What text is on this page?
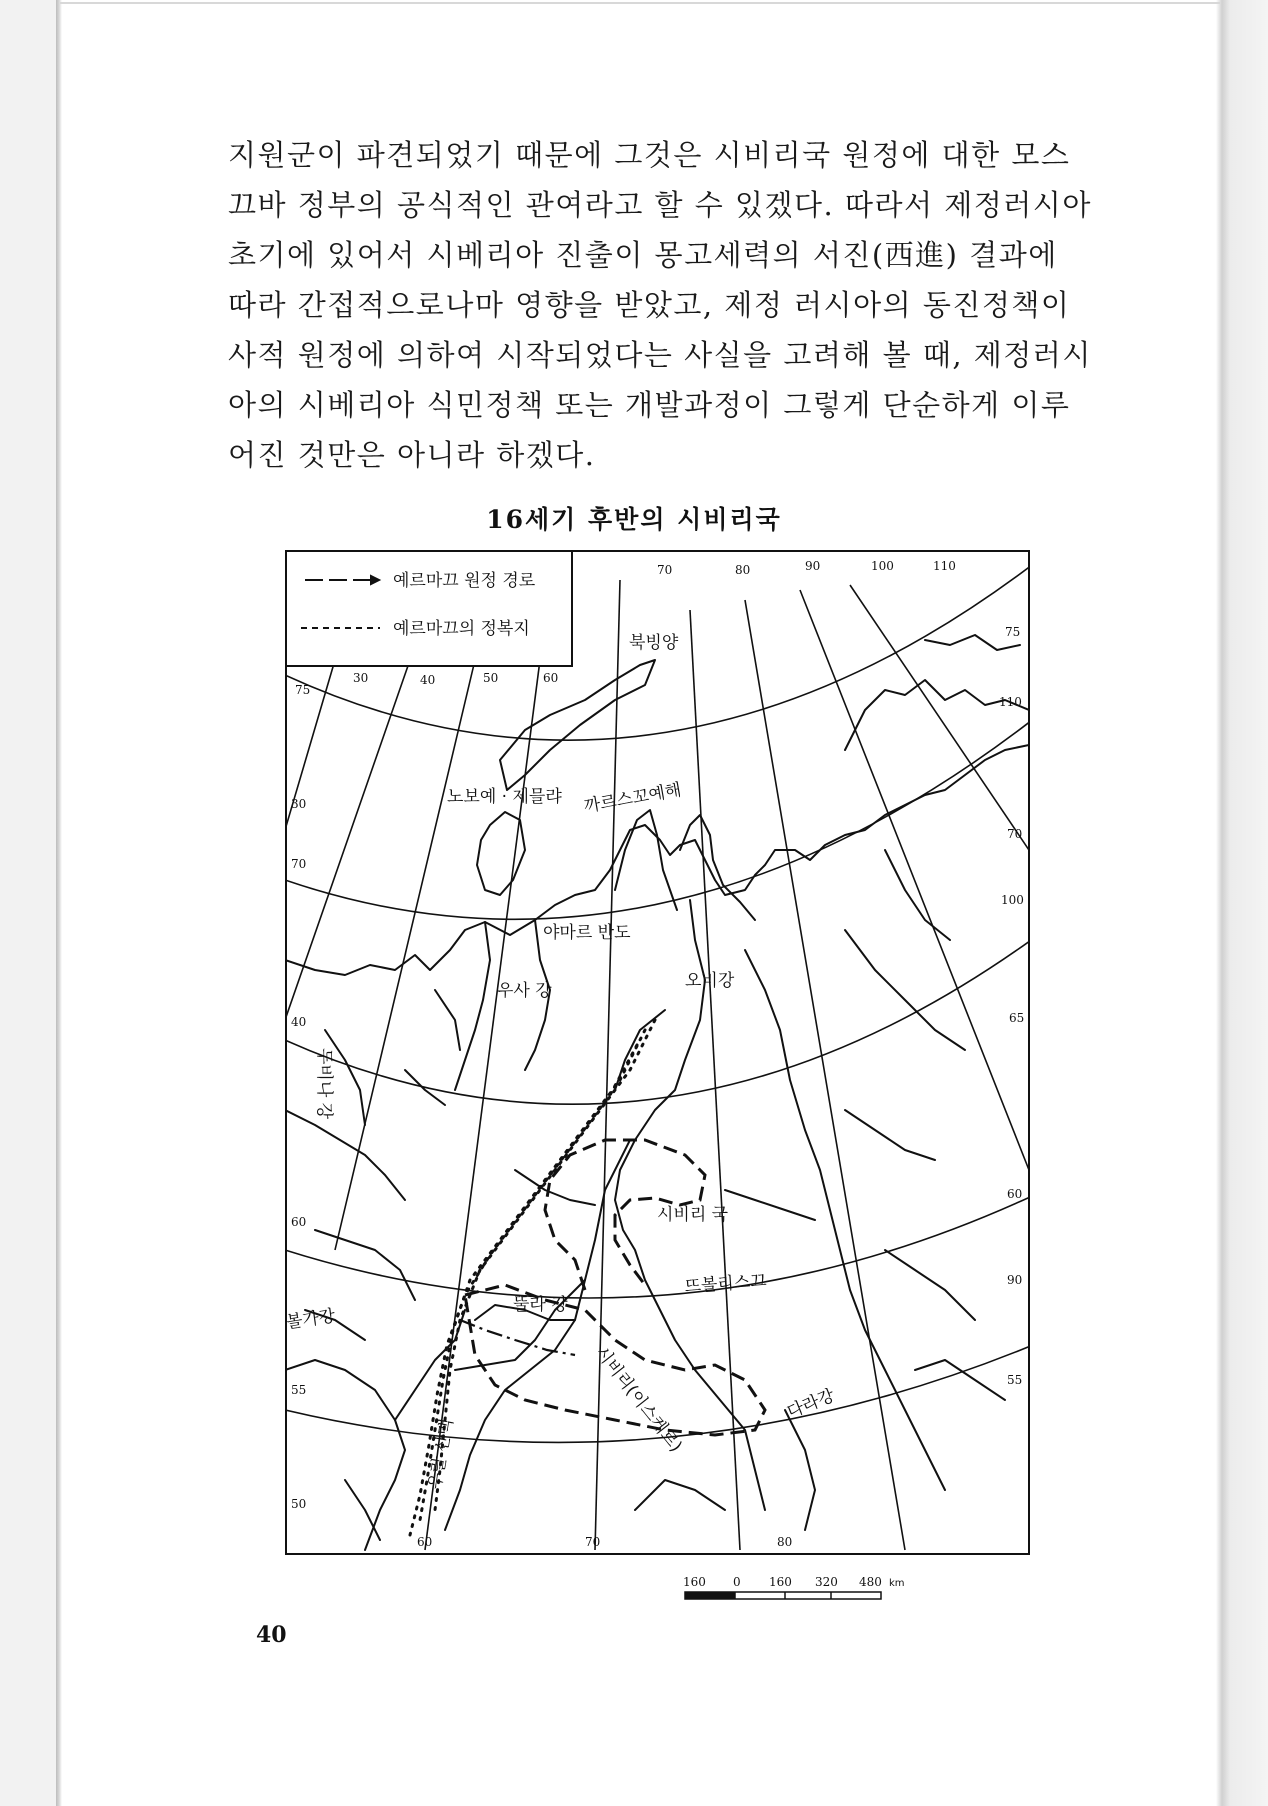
지원군이 파견되었기 때문에 그것은 시비리국 원정에 대한 모스
끄바 정부의 공식적인 관여라고 할 수 있겠다. 따라서 제정러시아
초기에 있어서 시베리아 진출이 몽고세력의 서진(西進) 결과에
따라 간접적으로나마 영향을 받았고, 제정 러시아의 동진정책이
사적 원정에 의하여 시작되었다는 사실을 고려해 볼 때, 제정러시
아의 시베리아 식민정책 또는 개발과정이 그렇게 단순하게 이루
어진 것만은 아니라 하겠다.
16세기 후반의 시비리국
예르마끄 원정 경로
예르마끄의 정복지
70	80	90	100	110
30	40	50	60
75
75
110
70
100
65
60
90
55
30
70
40
60
55
50
60	70	80
북빙양
노보예 · 제믈랴 까르스꼬예해
야마르 반도
우사 강	오비강
두비나 강
시비리 국
볼가강
뚤라 강
뜨볼리스끄
우랄 산맥	시비리(이스케르)	다라강
160 0 160 320 480 km
40
